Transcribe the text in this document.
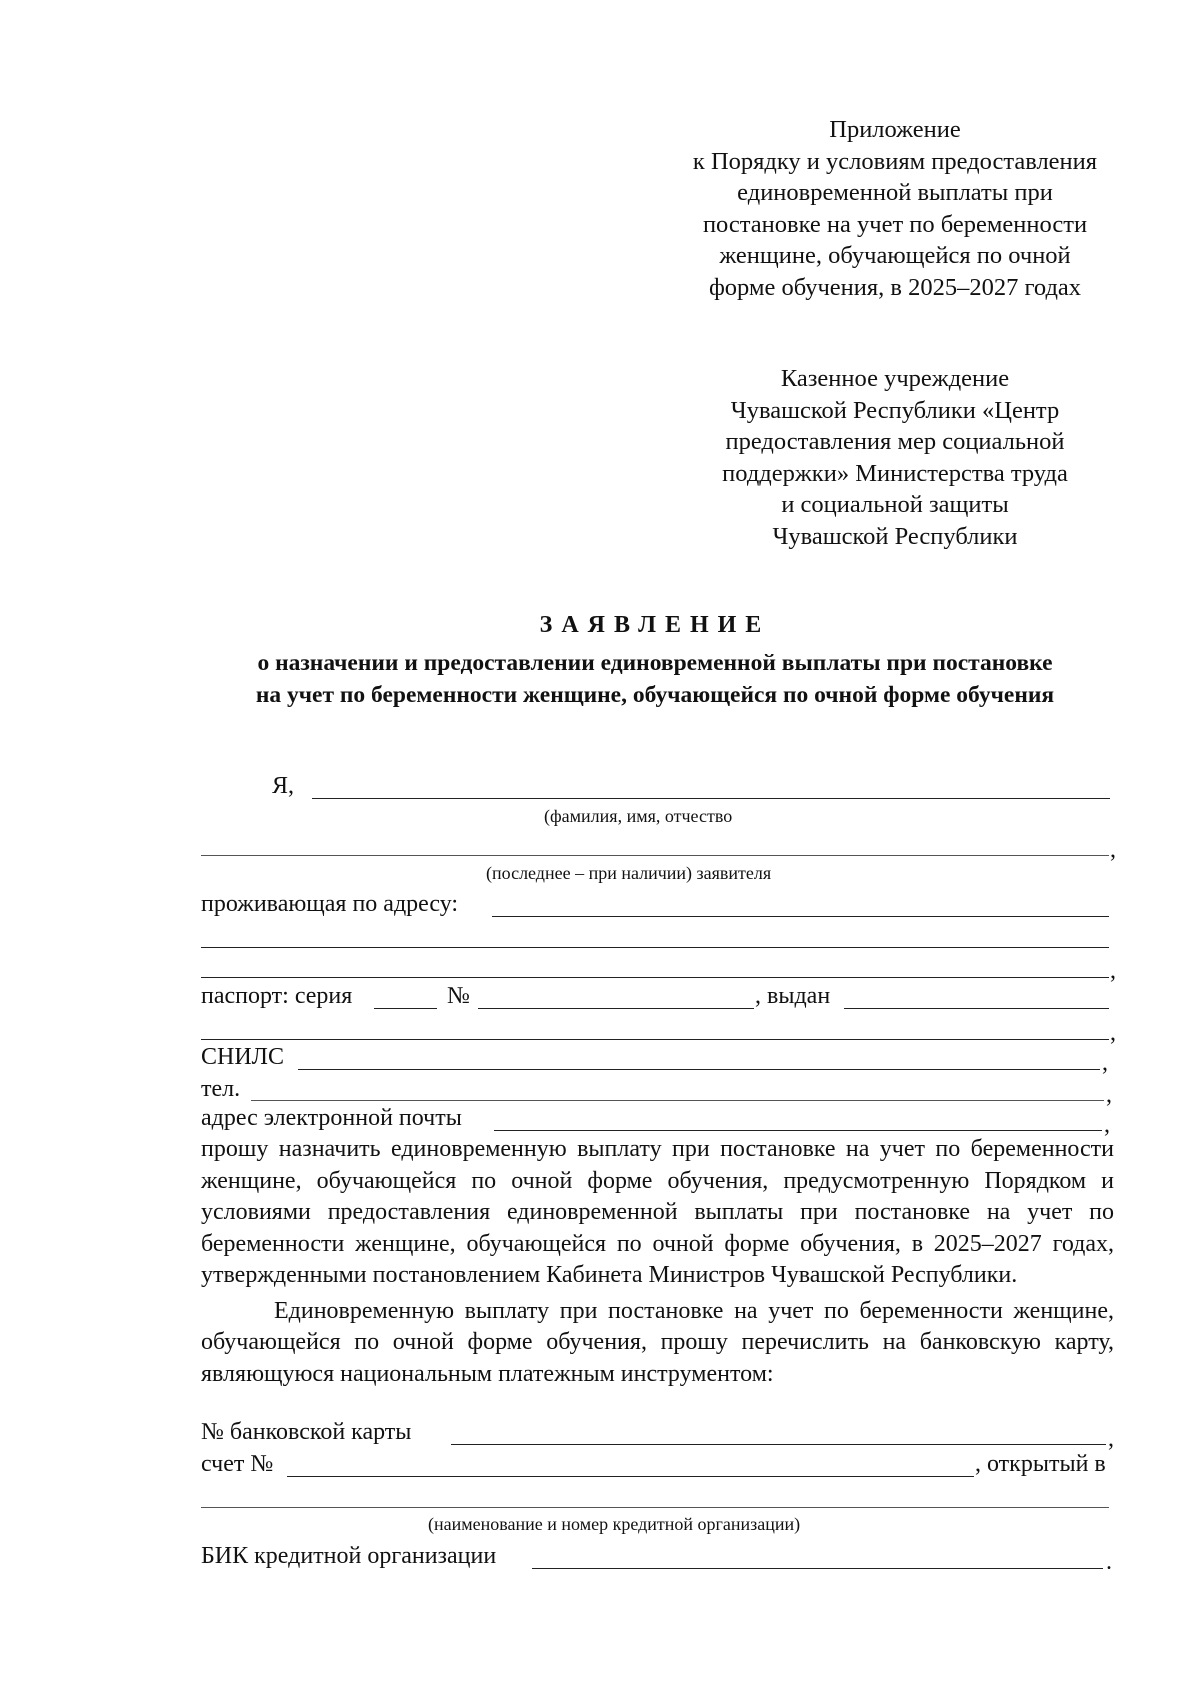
Приложение
к Порядку и условиям предоставления
единовременной выплаты при
постановке на учет по беременности
женщине, обучающейся по очной
форме обучения, в 2025–2027 годах
Казенное учреждение
Чувашской Республики «Центр
предоставления мер социальной
поддержки» Министерства труда
и социальной защиты
Чувашской Республики
ЗАЯВЛЕНИЕ
о назначении и предоставлении единовременной выплаты при постановке
на учет по беременности женщине, обучающейся по очной форме обучения
Я,
(фамилия, имя, отчество
,
(последнее – при наличии) заявителя
проживающая по адресу:
,
паспорт: серия	№	, выдан
,
СНИЛС	,
тел.	,
адрес электронной почты	,

прошу назначить единовременную выплату при постановке на учет по беременности женщине, обучающейся по очной форме обучения, предусмотренную Порядком и условиями предоставления единовременной выплаты при постановке на учет по беременности женщине, обучающейся по очной форме обучения, в 2025–2027 годах, утвержденными постановлением Кабинета Министров Чувашской Республики.

Единовременную выплату при постановке на учет по беременности женщине, обучающейся по очной форме обучения, прошу перечислить на банковскую карту, являющуюся национальным платежным инструментом:

№ банковской карты	,
счет №	, открытый в
(наименование и номер кредитной организации)
БИК кредитной организации	.
